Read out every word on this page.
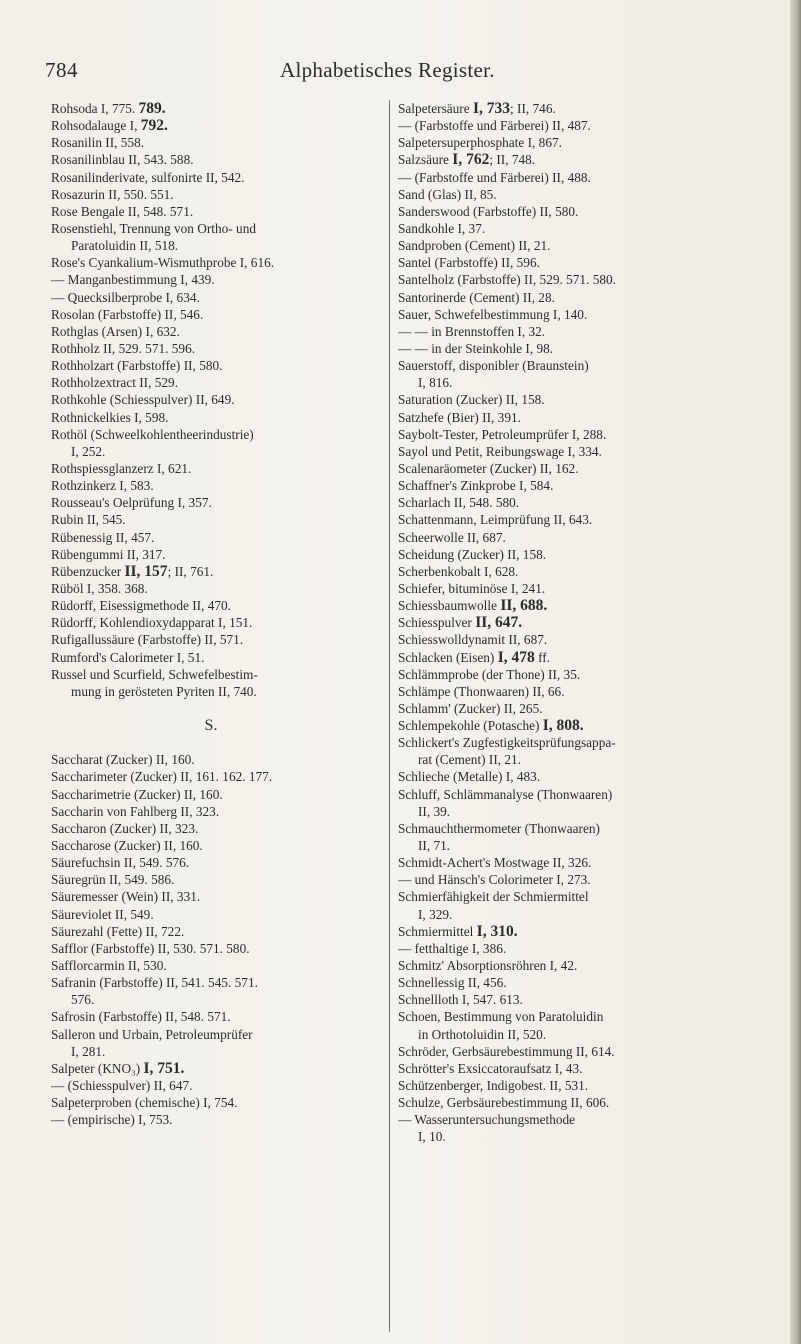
784	Alphabetisches Register.
Rohsoda I, 775. 789.
Rohsodalauge I, 792.
Rosanilin II, 558.
Rosanilinblau II, 543. 588.
Rosanilinderivate, sulfonirte II, 542.
Rosazurin II, 550. 551.
Rose Bengale II, 548. 571.
Rosenstiehl, Trennung von Ortho- und
Paratoluidin II, 518.
Rose's Cyankalium-Wismuthprobe I, 616.
— Manganbestimmung I, 439.
— Quecksilberprobe I, 634.
Rosolan (Farbstoffe) II, 546.
Rothglas (Arsen) I, 632.
Rothholz II, 529. 571. 596.
Rothholzart (Farbstoffe) II, 580.
Rothholzextract II, 529.
Rothkohle (Schiesspulver) II, 649.
Rothnickelkies I, 598.
Rothöl (Schweelkohlentheerindustrie)
I, 252.
Rothspiessglanzerz I, 621.
Rothzinkerz I, 583.
Rousseau's Oelprüfung I, 357.
Rubin II, 545.
Rübenessig II, 457.
Rübengummi II, 317.
Rübenzucker II, 157; II, 761.
Rüböl I, 358. 368.
Rüdorff, Eisessigmethode II, 470.
Rüdorff, Kohlendioxydapparat I, 151.
Rufigallussäure (Farbstoffe) II, 571.
Rumford's Calorimeter I, 51.
Russel und Scurfield, Schwefelbestim-
mung in gerösteten Pyriten II, 740.
S.
Saccharat (Zucker) II, 160.
Saccharimeter (Zucker) II, 161. 162. 177.
Saccharimetrie (Zucker) II, 160.
Saccharin von Fahlberg II, 323.
Saccharon (Zucker) II, 323.
Saccharose (Zucker) II, 160.
Säurefuchsin II, 549. 576.
Säuregrün II, 549. 586.
Säuremesser (Wein) II, 331.
Säureviolet II, 549.
Säurezahl (Fette) II, 722.
Safflor (Farbstoffe) II, 530. 571. 580.
Safflorcarmin II, 530.
Safranin (Farbstoffe) II, 541. 545. 571.
576.
Safrosin (Farbstoffe) II, 548. 571.
Salleron und Urbain, Petroleumprüfer
I, 281.
Salpeter (KNO₃) I, 751.
— (Schiesspulver) II, 647.
Salpeterproben (chemische) I, 754.
— (empirische) I, 753.
Salpetersäure I, 733; II, 746.
— (Farbstoffe und Färberei) II, 487.
Salpetersuperphosphate I, 867.
Salzsäure I, 762; II, 748.
— (Farbstoffe und Färberei) II, 488.
Sand (Glas) II, 85.
Sanderswood (Farbstoffe) II, 580.
Sandkohle I, 37.
Sandproben (Cement) II, 21.
Santel (Farbstoffe) II, 596.
Santelholz (Farbstoffe) II, 529. 571. 580.
Santorinerde (Cement) II, 28.
Sauer, Schwefelbestimmung I, 140.
— — in Brennstoffen I, 32.
— — in der Steinkohle I, 98.
Sauerstoff, disponibler (Braunstein)
I, 816.
Saturation (Zucker) II, 158.
Satzhefe (Bier) II, 391.
Saybolt-Tester, Petroleumprüfer I, 288.
Sayol und Petit, Reibungswage I, 334.
Scalenaräometer (Zucker) II, 162.
Schaffner's Zinkprobe I, 584.
Scharlach II, 548. 580.
Schattenmann, Leimprüfung II, 643.
Scheerwolle II, 687.
Scheidung (Zucker) II, 158.
Scherbenkobalt I, 628.
Schiefer, bituminöse I, 241.
Schiessbaumwolle II, 688.
Schiesspulver II, 647.
Schiesswolldynamit II, 687.
Schlacken (Eisen) I, 478 ff.
Schlämmprobe (der Thone) II, 35.
Schlämpe (Thonwaaren) II, 66.
Schlamm' (Zucker) II, 265.
Schlempekohle (Potasche) I, 808.
Schlickert's Zugfestigkeitsprüfungsappa-
rat (Cement) II, 21.
Schlieche (Metalle) I, 483.
Schluff, Schlämmanalyse (Thonwaaren)
II, 39.
Schmauchthermometer (Thonwaaren)
II, 71.
Schmidt-Achert's Mostwage II, 326.
— und Hänsch's Colorimeter I, 273.
Schmierfähigkeit der Schmiermittel
I, 329.
Schmiermittel I, 310.
— fetthaltige I, 386.
Schmitz' Absorptionsröhren I, 42.
Schnellessig II, 456.
Schnellloth I, 547. 613.
Schoen, Bestimmung von Paratoluidin
in Orthotoluidin II, 520.
Schröder, Gerbsäurebestimmung II, 614.
Schrötter's Exsiccatoraufsatz I, 43.
Schützenberger, Indigobest. II, 531.
Schulze, Gerbsäurebestimmung II, 606.
— Wasseruntersuchungsmethode
I, 10.
